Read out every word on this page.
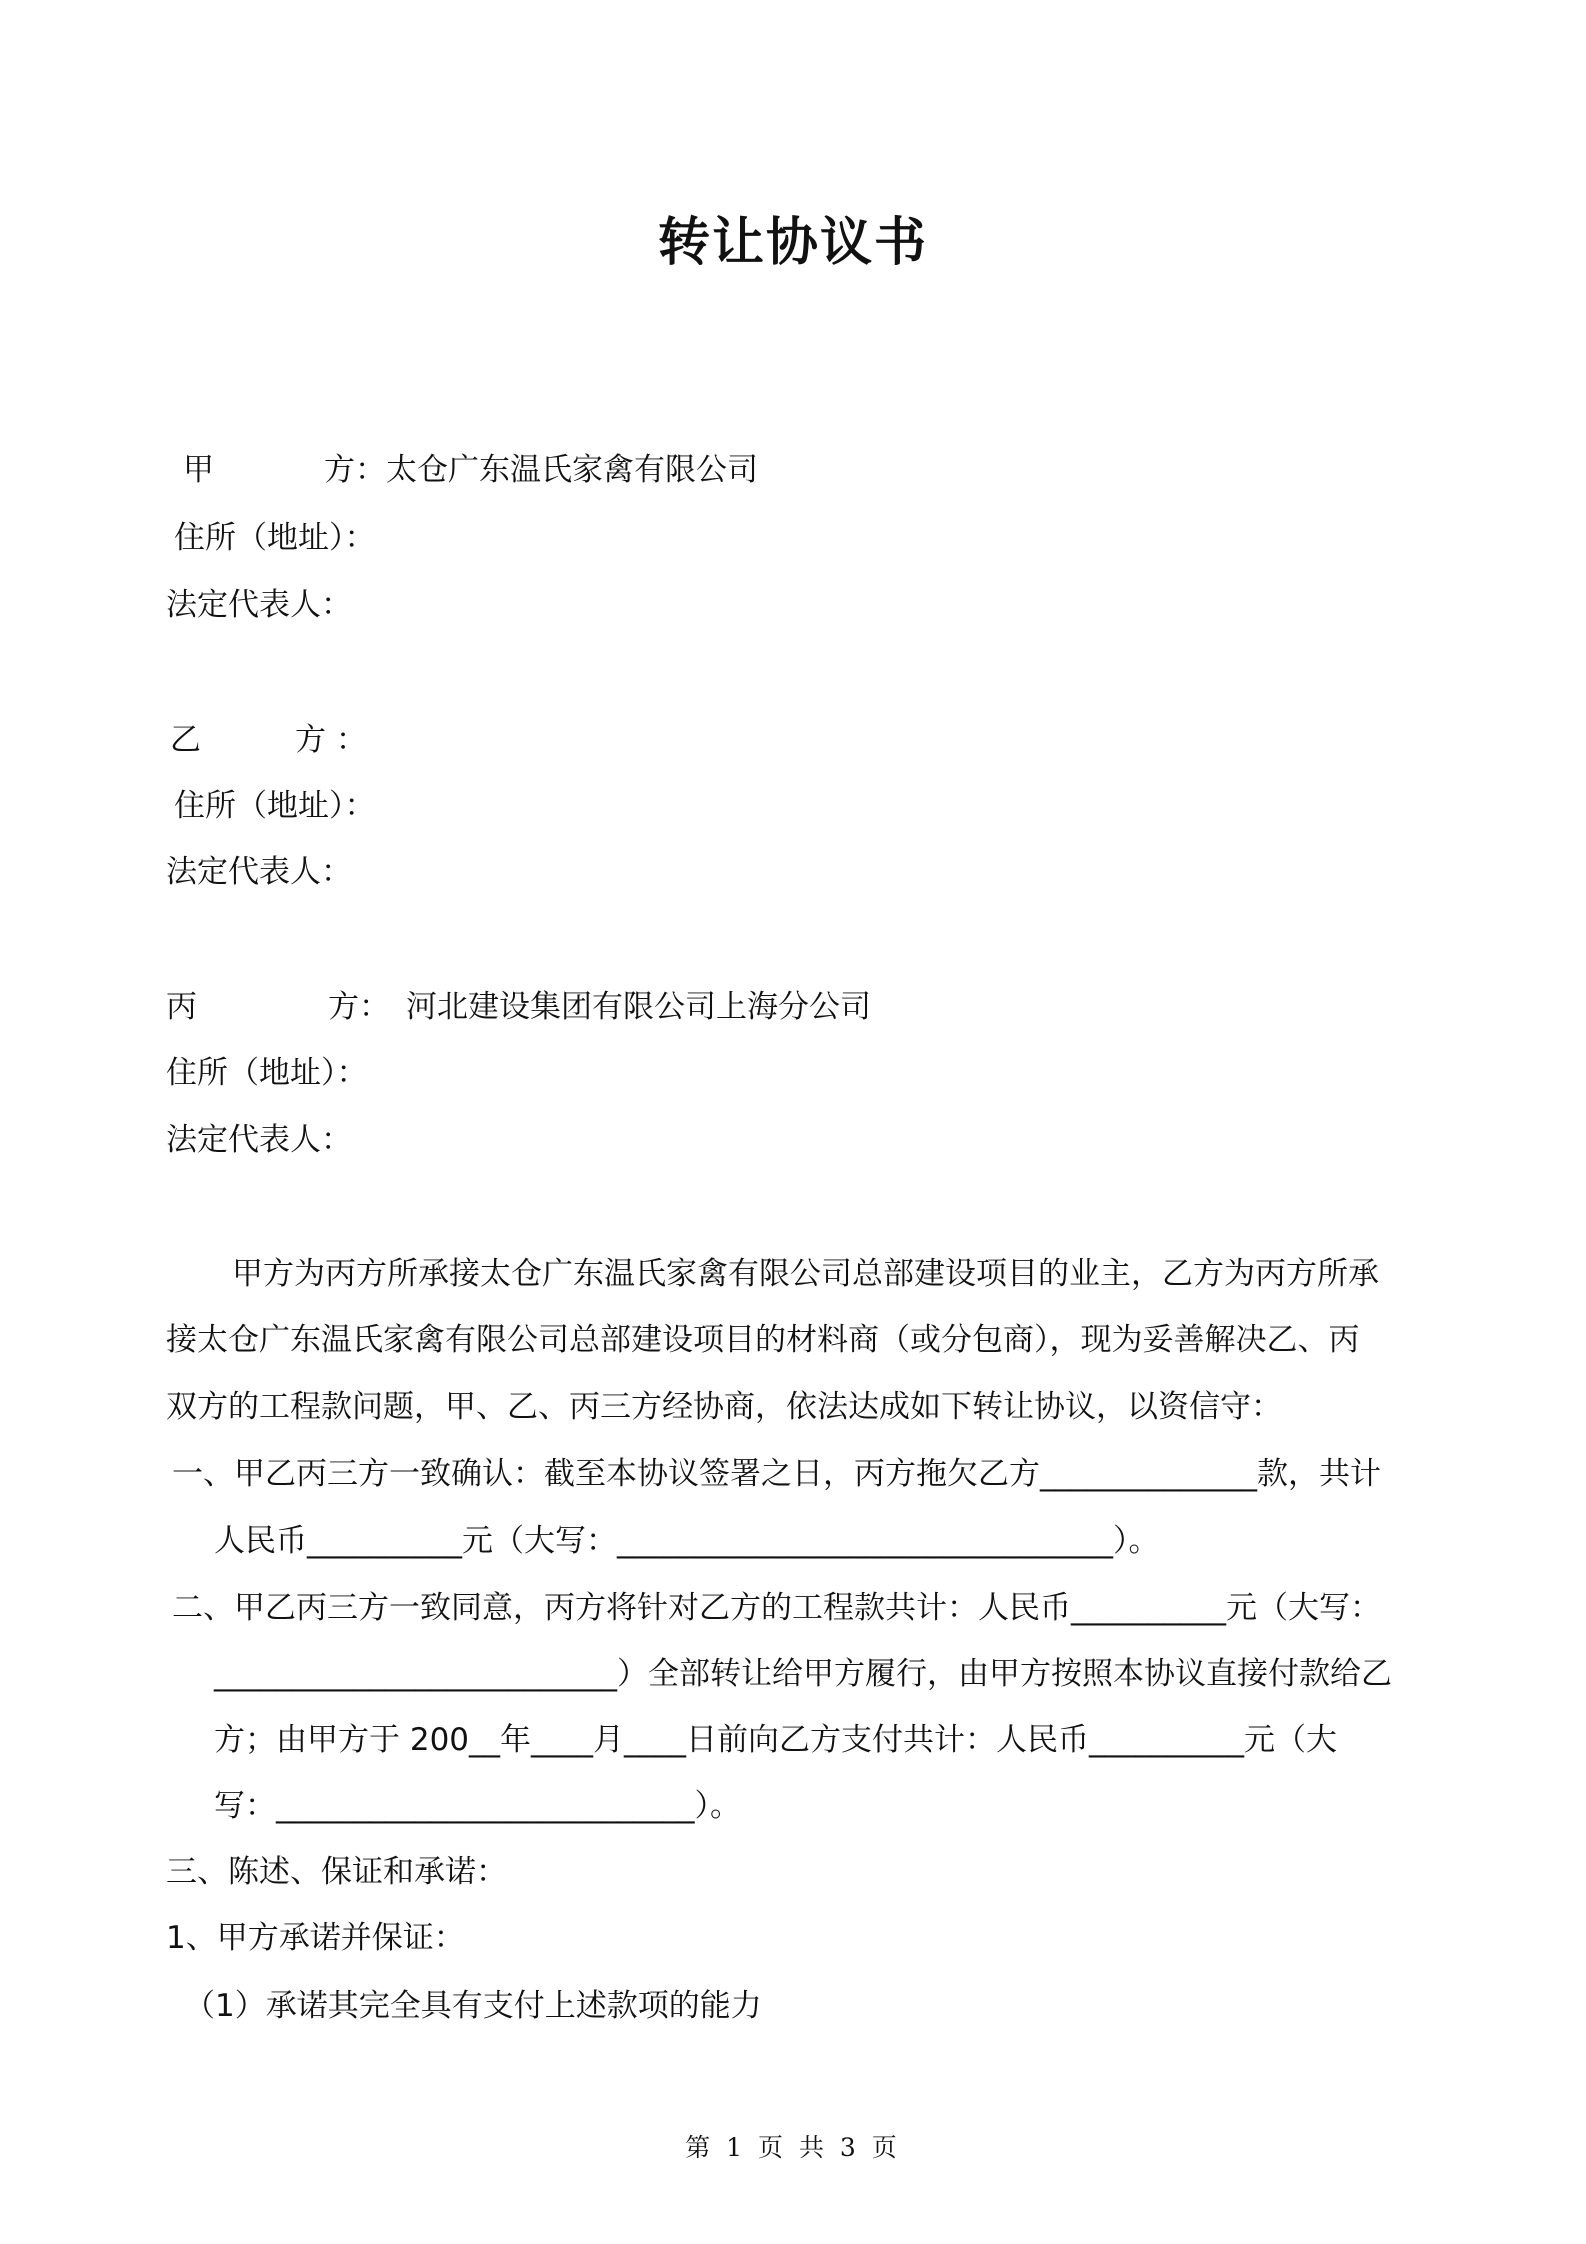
转让协议书
甲	方：太仓广东温氏家禽有限公司
住所（地址）：
法定代表人：
乙	方 ：
住所（地址）：
法定代表人：
丙	方： 河北建设集团有限公司上海分公司
住所（地址）：
法定代表人：
甲方为丙方所承接太仓广东温氏家禽有限公司总部建设项目的业主，乙方为丙方所承
接太仓广东温氏家禽有限公司总部建设项目的材料商（或分包商），现为妥善解决乙、丙
双方的工程款问题，甲、乙、丙三方经协商，依法达成如下转让协议，以资信守：
一、甲乙丙三方一致确认：截至本协议签署之日，丙方拖欠乙方______________款，共计
人民币__________元（大写：________________________________）。
二、甲乙丙三方一致同意，丙方将针对乙方的工程款共计：人民币__________元（大写：
__________________________）全部转让给甲方履行，由甲方按照本协议直接付款给乙
方；由甲方于 200__年____月____日前向乙方支付共计：人民币__________元（大
写：___________________________）。
三、陈述、保证和承诺：
1、甲方承诺并保证：
（1）承诺其完全具有支付上述款项的能力
第 1 页 共 3 页
